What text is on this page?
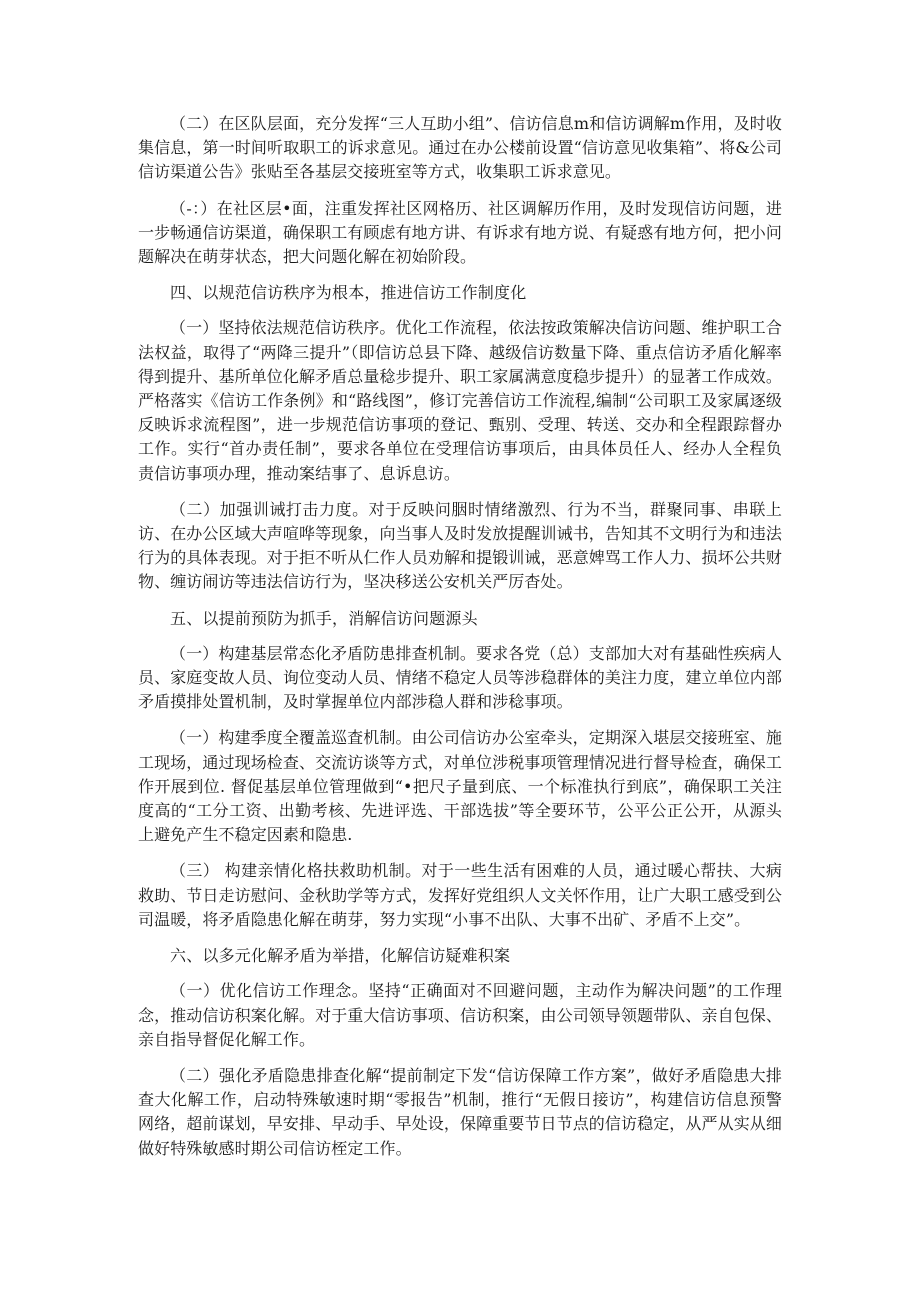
（二）在区队层面，充分发挥“三人互助小组”、信访信息m和信访调解m作用，及时收集信息，第一时间听取职工的诉求意见。通过在办公楼前设置“信访意见收集箱”、将&公司信访渠道公告》张贴至各基层交接班室等方式，收集职工诉求意见。

（-：）在社区层•面，注重发挥社区网格历、社区调解历作用，及时发现信访问题，进一步畅通信访渠道，确保职工有顾虑有地方讲、有诉求有地方说、有疑惑有地方何，把小问题解决在萌芽状态，把大问题化解在初始阶段。

四、以规范信访秩序为根本，推进信访工作制度化

（一）坚持依法规范信访秩序。优化工作流程，依法按政策解决信访问题、维护职工合法权益，取得了“两降三提升”（即信访总县下降、越级信访数量下降、重点信访矛盾化解率得到提升、基所单位化解矛盾总量稔步提升、职工家属满意度稳步提升）的显著工作成效。严格落实《信访工作条例》和“路线图”，修订完善信访工作流程,编制“公司职工及家属逐级反映诉求流程图”，进一步规范信访事项的登记、甄别、受理、转送、交办和全程跟踪督办工作。实行“首办责任制”，要求各单位在受理信访事项后，由具体员任人、经办人全程负责信访事项办理，推动案结事了、息诉息访。

（二）加强训诫打击力度。对于反映问胭时情绪激烈、行为不当，群聚同事、串联上访、在办公区域大声喧哗等现象，向当事人及时发放提醒训诫书，告知其不文明行为和违法行为的具体表现。对于拒不听从仁作人员劝解和提锻训诫，恶意婢骂工作人力、损坏公共财物、缠访闹访等违法信访行为，坚决移送公安机关严厉杳处。

五、以提前预防为抓手，消解信访问题源头

（一）构建基层常态化矛盾防患排查机制。要求各党（总）支部加大对有基础性疾病人员、家庭变故人员、询位变动人员、情绪不稳定人员等涉稳群体的美注力度，建立单位内部矛盾摸排处置机制，及时掌握单位内部涉稳人群和涉稔事项。

（一）构建季度全覆盖巡査机制。由公司信访办公室牵头，定期深入堪层交接班室、施工现场，通过现场检查、交流访谈等方式，对单位涉税事项管理情况进行督导检査，确保工作开展到位. 督促基层单位管理做到“•把尺子量到底、一个标准执行到底”，确保职工关注度高的“工分工资、出勤考核、先进评选、干部选拔”等全要环节，公平公正公开，从源头上避免产生不稳定因素和隐患.

（三） 构建亲情化格扶救助机制。对于一些生活有困难的人员，通过暖心帮扶、大病救助、节日走访慰问、金秋助学等方式，发挥好党组织人文关怀作用，让广大职工感受到公司温暖，将矛盾隐患化解在萌芽，努力实现“小事不出队、大事不出矿、矛盾不上交”。

六、以多元化解矛盾为举措，化解信访疑难积案

（一）优化信访工作理念。坚持“正确面对不回避问题，主动作为解决问题”的工作理念，推动信访积案化解。对于重大信访事项、信访积案，由公司领导领题带队、亲自包保、亲自指导督促化解工作。

（二）强化矛盾隐患排查化解“提前制定下发“信访保障工作方案”，做好矛盾隐患大排查大化解工作，启动特殊敏速时期“零报告”机制，推行“无假日接访”，构建信访信息预警网络，超前谋划，早安排、早动手、早处设，保障重要节日节点的信访稳定，从严从实从细做好特殊敏感时期公司信访桎定工作。
